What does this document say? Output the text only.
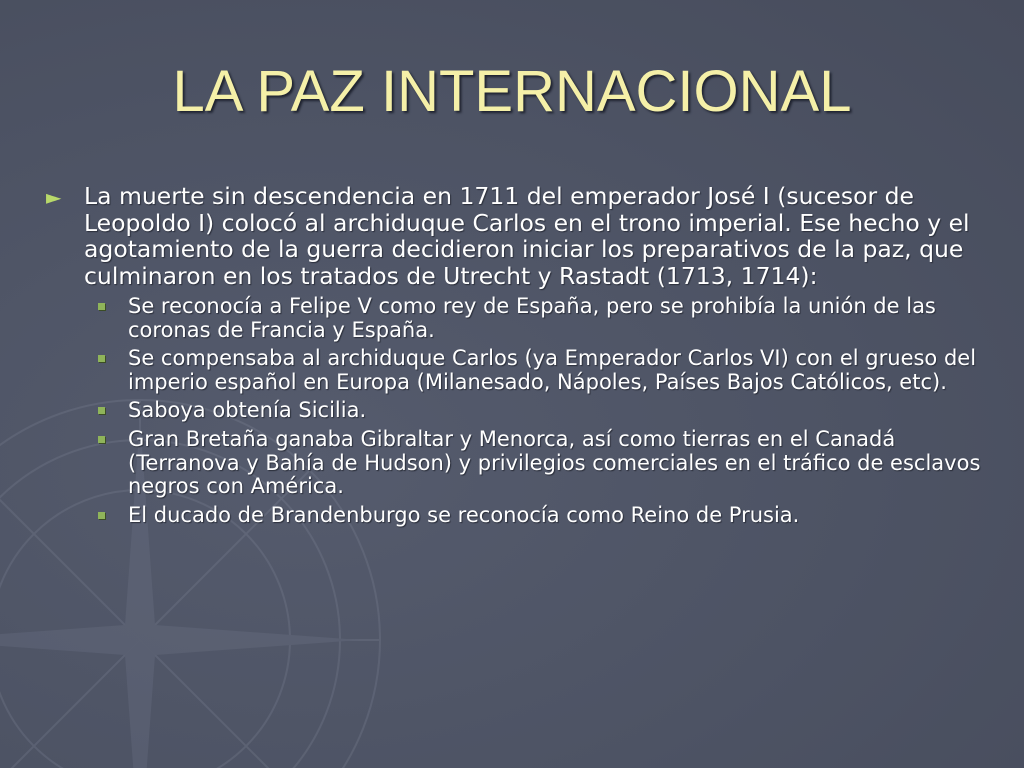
LA PAZ INTERNACIONAL
► La muerte sin descendencia en 1711 del emperador José I (sucesor de Leopoldo I) colocó al archiduque Carlos en el trono imperial. Ese hecho y el agotamiento de la guerra decidieron iniciar los preparativos de la paz, que culminaron en los tratados de Utrecht y Rastadt (1713, 1714):
Se reconocía a Felipe V como rey de España, pero se prohibía la unión de las coronas de Francia y España.
Se compensaba al archiduque Carlos (ya Emperador Carlos VI) con el grueso del imperio español en Europa (Milanesado, Nápoles, Países Bajos Católicos, etc).
Saboya obtenía Sicilia.
Gran Bretaña ganaba Gibraltar y Menorca, así como tierras en el Canadá (Terranova y Bahía de Hudson) y privilegios comerciales en el tráfico de esclavos negros con América.
El ducado de Brandenburgo se reconocía como Reino de Prusia.
